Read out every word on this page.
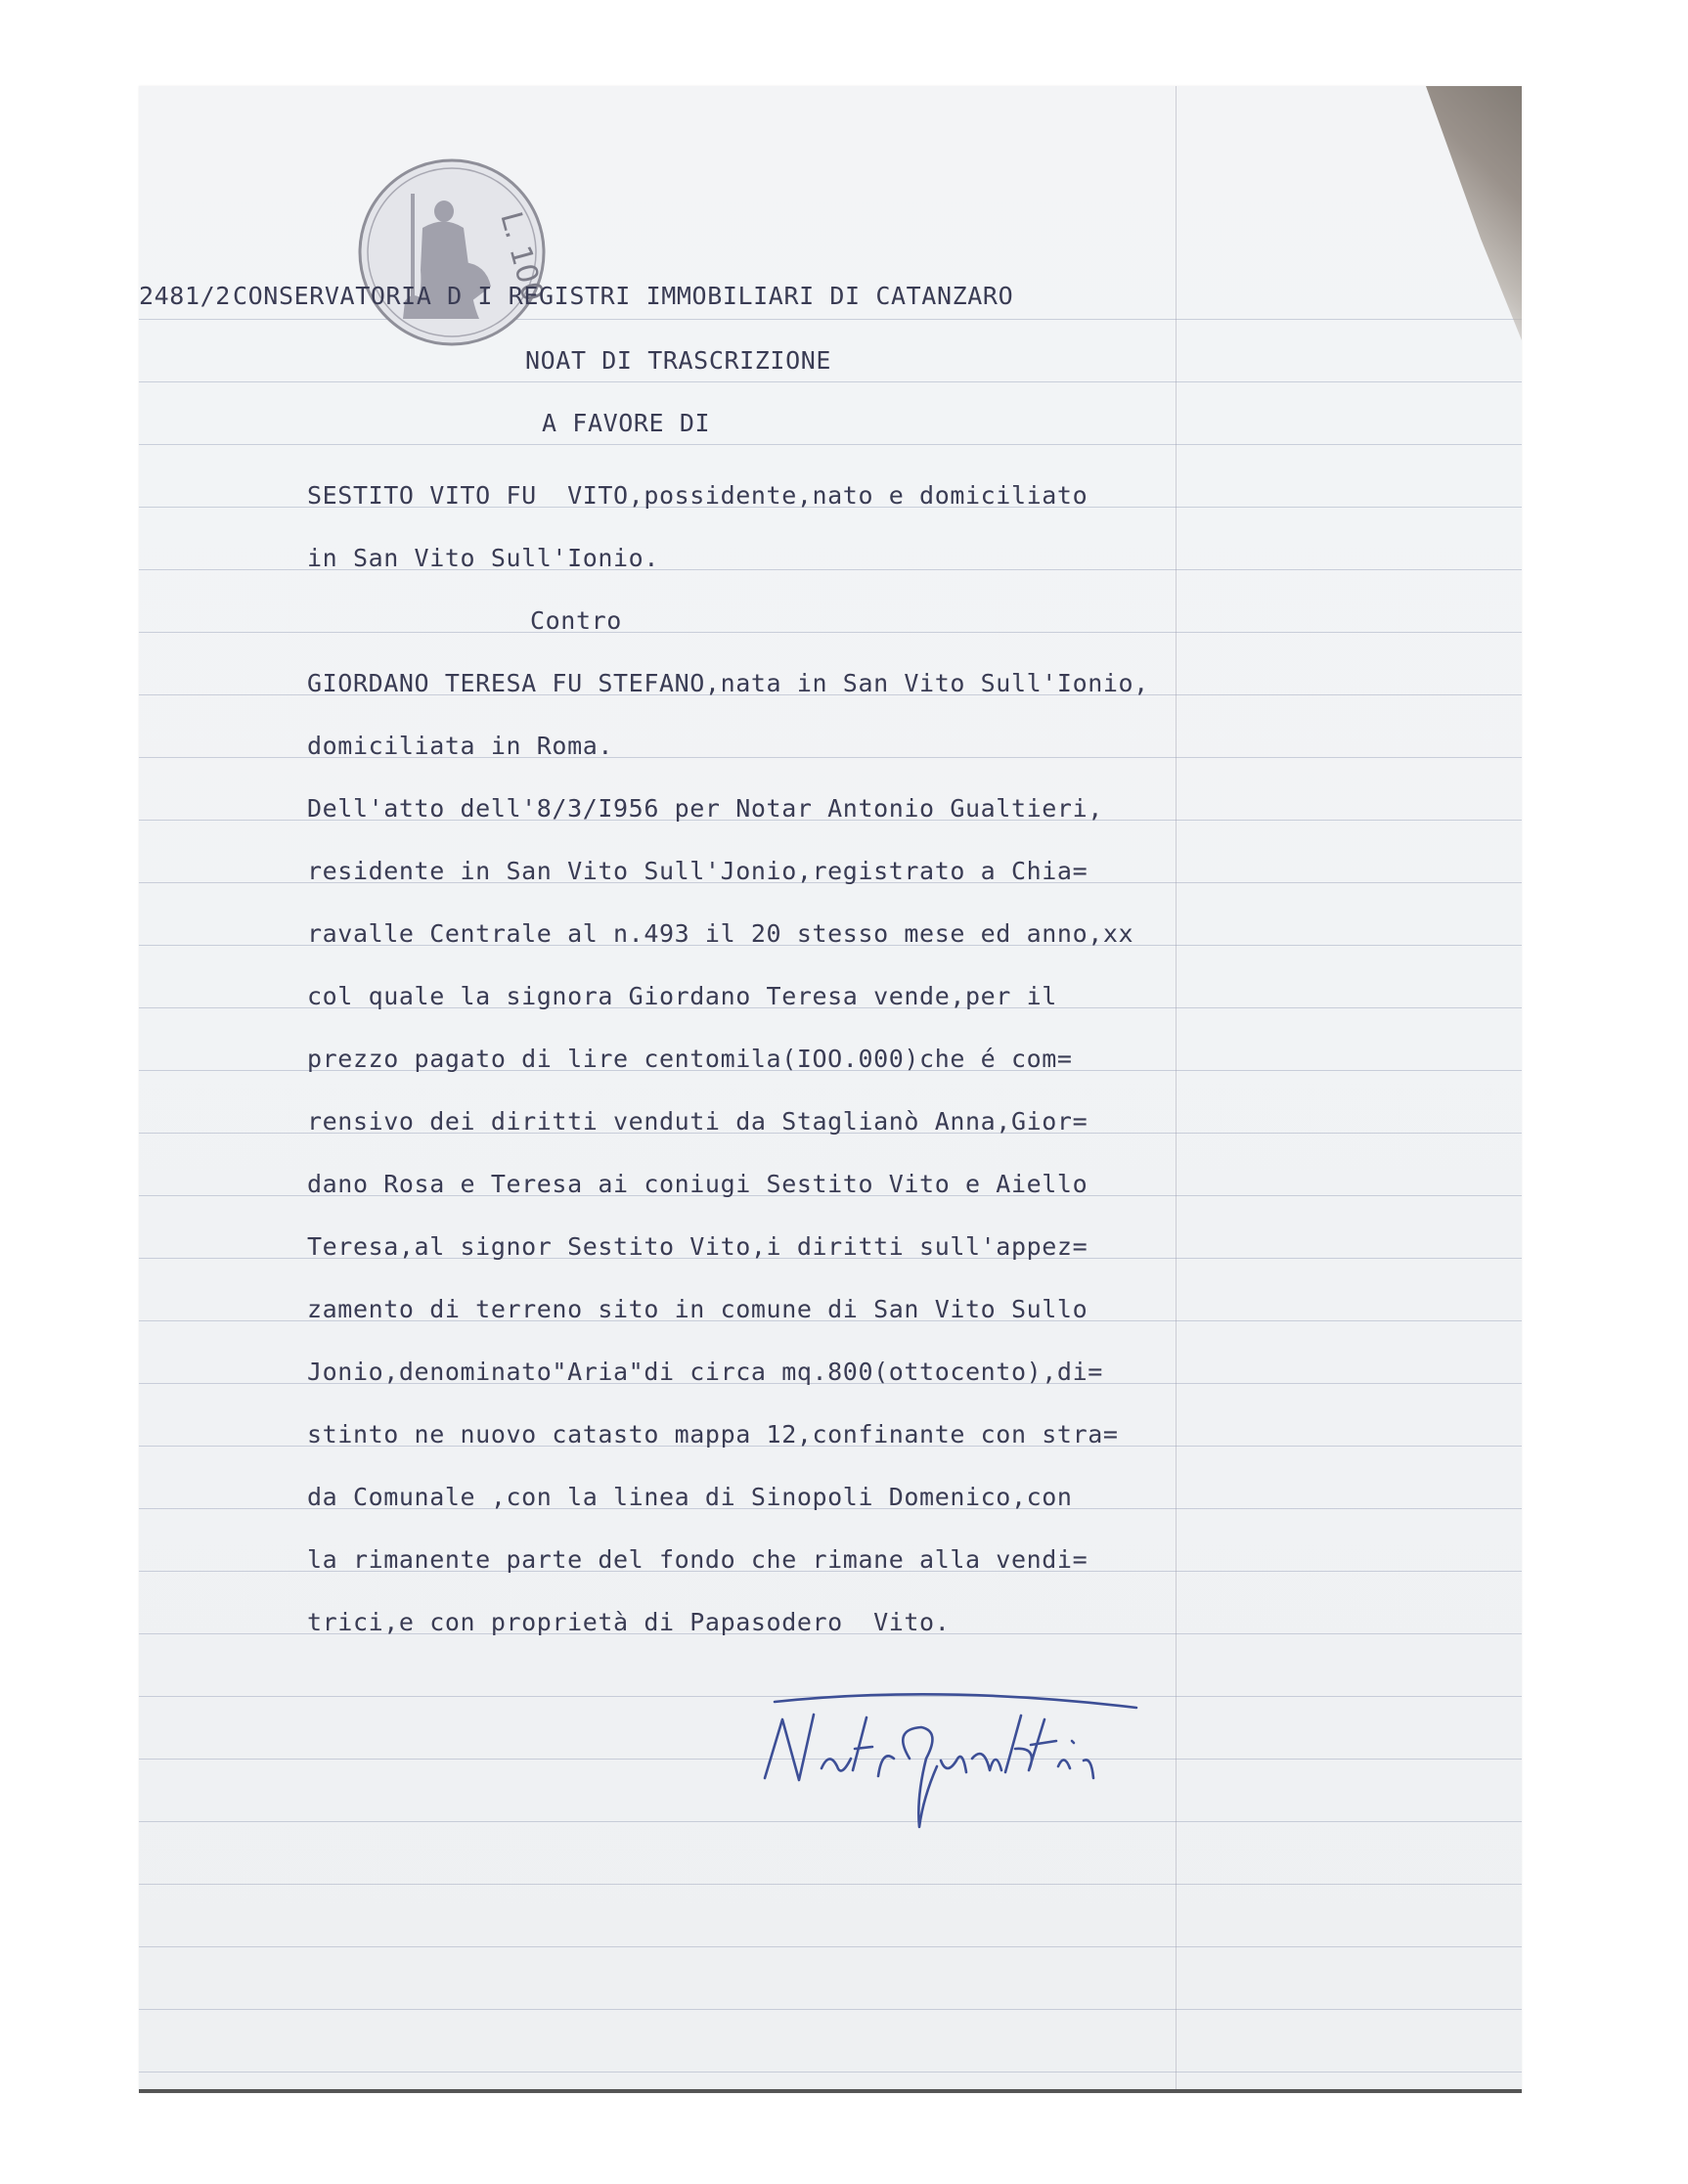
L. 100
2481/2 CONSERVATORIA D I REGISTRI IMMOBILIARI DI CATANZARO
NOAT DI TRASCRIZIONE
A FAVORE DI
SESTITO VITO FU  VITO,possidente,nato e domiciliato
in San Vito Sull'Ionio.
Contro
GIORDANO TERESA FU STEFANO,nata in San Vito Sull'Ionio,
domiciliata in Roma.
Dell'atto dell'8/3/I956 per Notar Antonio Gualtieri,
residente in San Vito Sull'Jonio,registrato a Chia=
ravalle Centrale al n.493 il 20 stesso mese ed anno,xx
col quale la signora Giordano Teresa vende,per il
prezzo pagato di lire centomila(IOO.000)che é com=
rensivo dei diritti venduti da Staglianò Anna,Gior=
dano Rosa e Teresa ai coniugi Sestito Vito e Aiello
Teresa,al signor Sestito Vito,i diritti sull'appez=
zamento di terreno sito in comune di San Vito Sullo
Jonio,denominato"Aria"di circa mq.800(ottocento),di=
stinto ne nuovo catasto mappa 12,confinante con stra=
da Comunale ,con la linea di Sinopoli Domenico,con
la rimanente parte del fondo che rimane alla vendi=
trici,e con proprietà di Papasodero  Vito.
